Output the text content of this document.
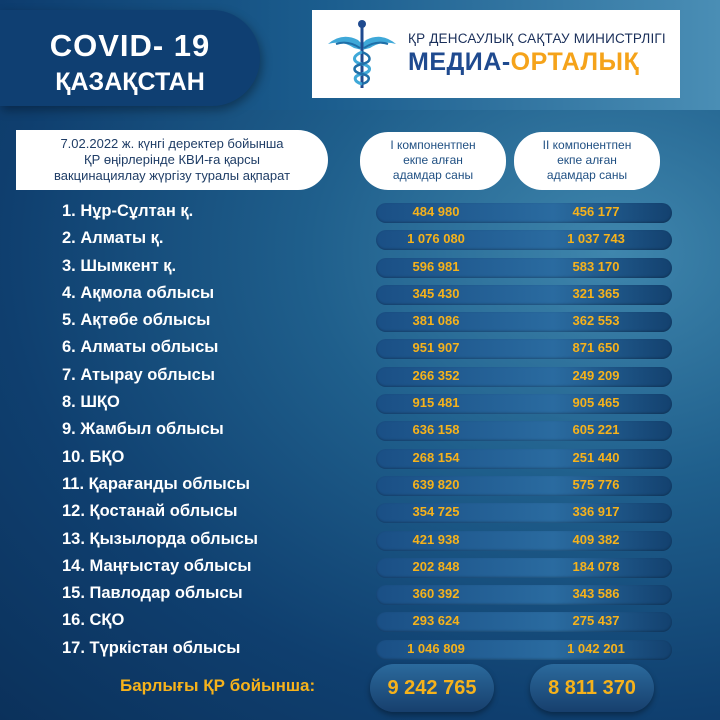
COVID- 19
ҚАЗАҚСТАН
ҚР ДЕНСАУЛЫҚ САҚТАУ МИНИСТРЛІГІ
МЕДИА-ОРТАЛЫҚ
7.02.2022 ж. күнгі деректер бойынша
ҚР өңірлерінде КВИ-ға қарсы
вакцинациялау жүргізу туралы ақпарат
І компонентпен
екпе алған
адамдар саны
ІІ компонентпен
екпе алған
адамдар саны
1. Нұр-Сұлтан қ.	484 980	456 177
2. Алматы қ.	1 076 080	1 037 743
3. Шымкент қ.	596 981	583 170
4. Ақмола облысы	345 430	321 365
5. Ақтөбе облысы	381 086	362 553
6. Алматы облысы	951 907	871 650
7. Атырау облысы	266 352	249 209
8. ШҚО	915 481	905 465
9. Жамбыл облысы	636 158	605 221
10. БҚО	268 154	251 440
11. Қарағанды облысы	639 820	575 776
12. Қостанай облысы	354 725	336 917
13. Қызылорда облысы	421 938	409 382
14. Маңғыстау облысы	202 848	184 078
15. Павлодар облысы	360 392	343 586
16. СҚО	293 624	275 437
17. Түркістан облысы	1 046 809	1 042 201
Барлығы ҚР бойынша:	9 242 765	8 811 370
